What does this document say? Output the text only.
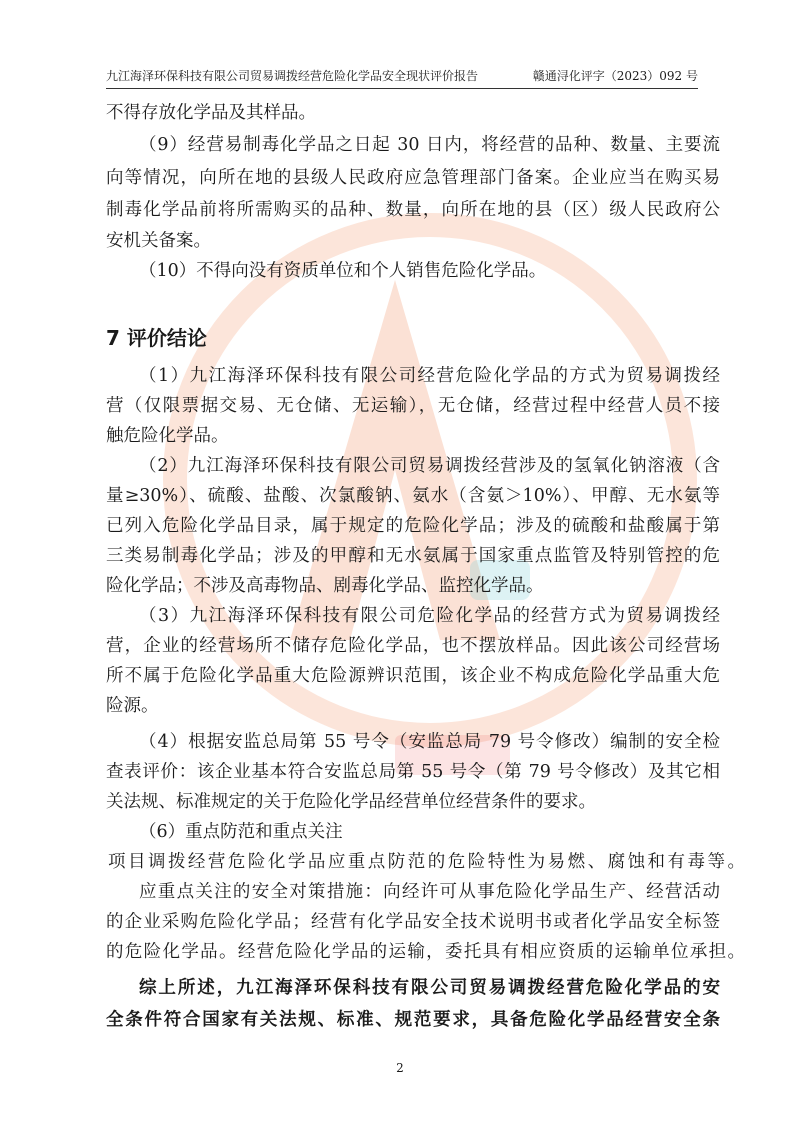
九江海泽环保科技有限公司贸易调拨经营危险化学品安全现状评价报告	赣通浔化评字（2023）092 号
不得存放化学品及其样品。
（9）经营易制毒化学品之日起 30 日内，将经营的品种、数量、主要流
向等情况，向所在地的县级人民政府应急管理部门备案。企业应当在购买易
制毒化学品前将所需购买的品种、数量，向所在地的县（区）级人民政府公
安机关备案。
（10）不得向没有资质单位和个人销售危险化学品。
7 评价结论
（1）九江海泽环保科技有限公司经营危险化学品的方式为贸易调拨经
营（仅限票据交易、无仓储、无运输），无仓储，经营过程中经营人员不接
触危险化学品。
（2）九江海泽环保科技有限公司贸易调拨经营涉及的氢氧化钠溶液（含
量≥30%）、硫酸、盐酸、次氯酸钠、氨水（含氨＞10%）、甲醇、无水氨等
已列入危险化学品目录，属于规定的危险化学品；涉及的硫酸和盐酸属于第
三类易制毒化学品；涉及的甲醇和无水氨属于国家重点监管及特别管控的危
险化学品；不涉及高毒物品、剧毒化学品、监控化学品。
（3）九江海泽环保科技有限公司危险化学品的经营方式为贸易调拨经
营，企业的经营场所不储存危险化学品，也不摆放样品。因此该公司经营场
所不属于危险化学品重大危险源辨识范围，该企业不构成危险化学品重大危
险源。
（4）根据安监总局第 55 号令（安监总局 79 号令修改）编制的安全检
查表评价：该企业基本符合安监总局第 55 号令（第 79 号令修改）及其它相
关法规、标准规定的关于危险化学品经营单位经营条件的要求。
（6）重点防范和重点关注
项目调拨经营危险化学品应重点防范的危险特性为易燃、腐蚀和有毒等。
应重点关注的安全对策措施：向经许可从事危险化学品生产、经营活动
的企业采购危险化学品；经营有化学品安全技术说明书或者化学品安全标签
的危险化学品。经营危险化学品的运输，委托具有相应资质的运输单位承担。
综上所述，九江海泽环保科技有限公司贸易调拨经营危险化学品的安
全条件符合国家有关法规、标准、规范要求，具备危险化学品经营安全条
2
